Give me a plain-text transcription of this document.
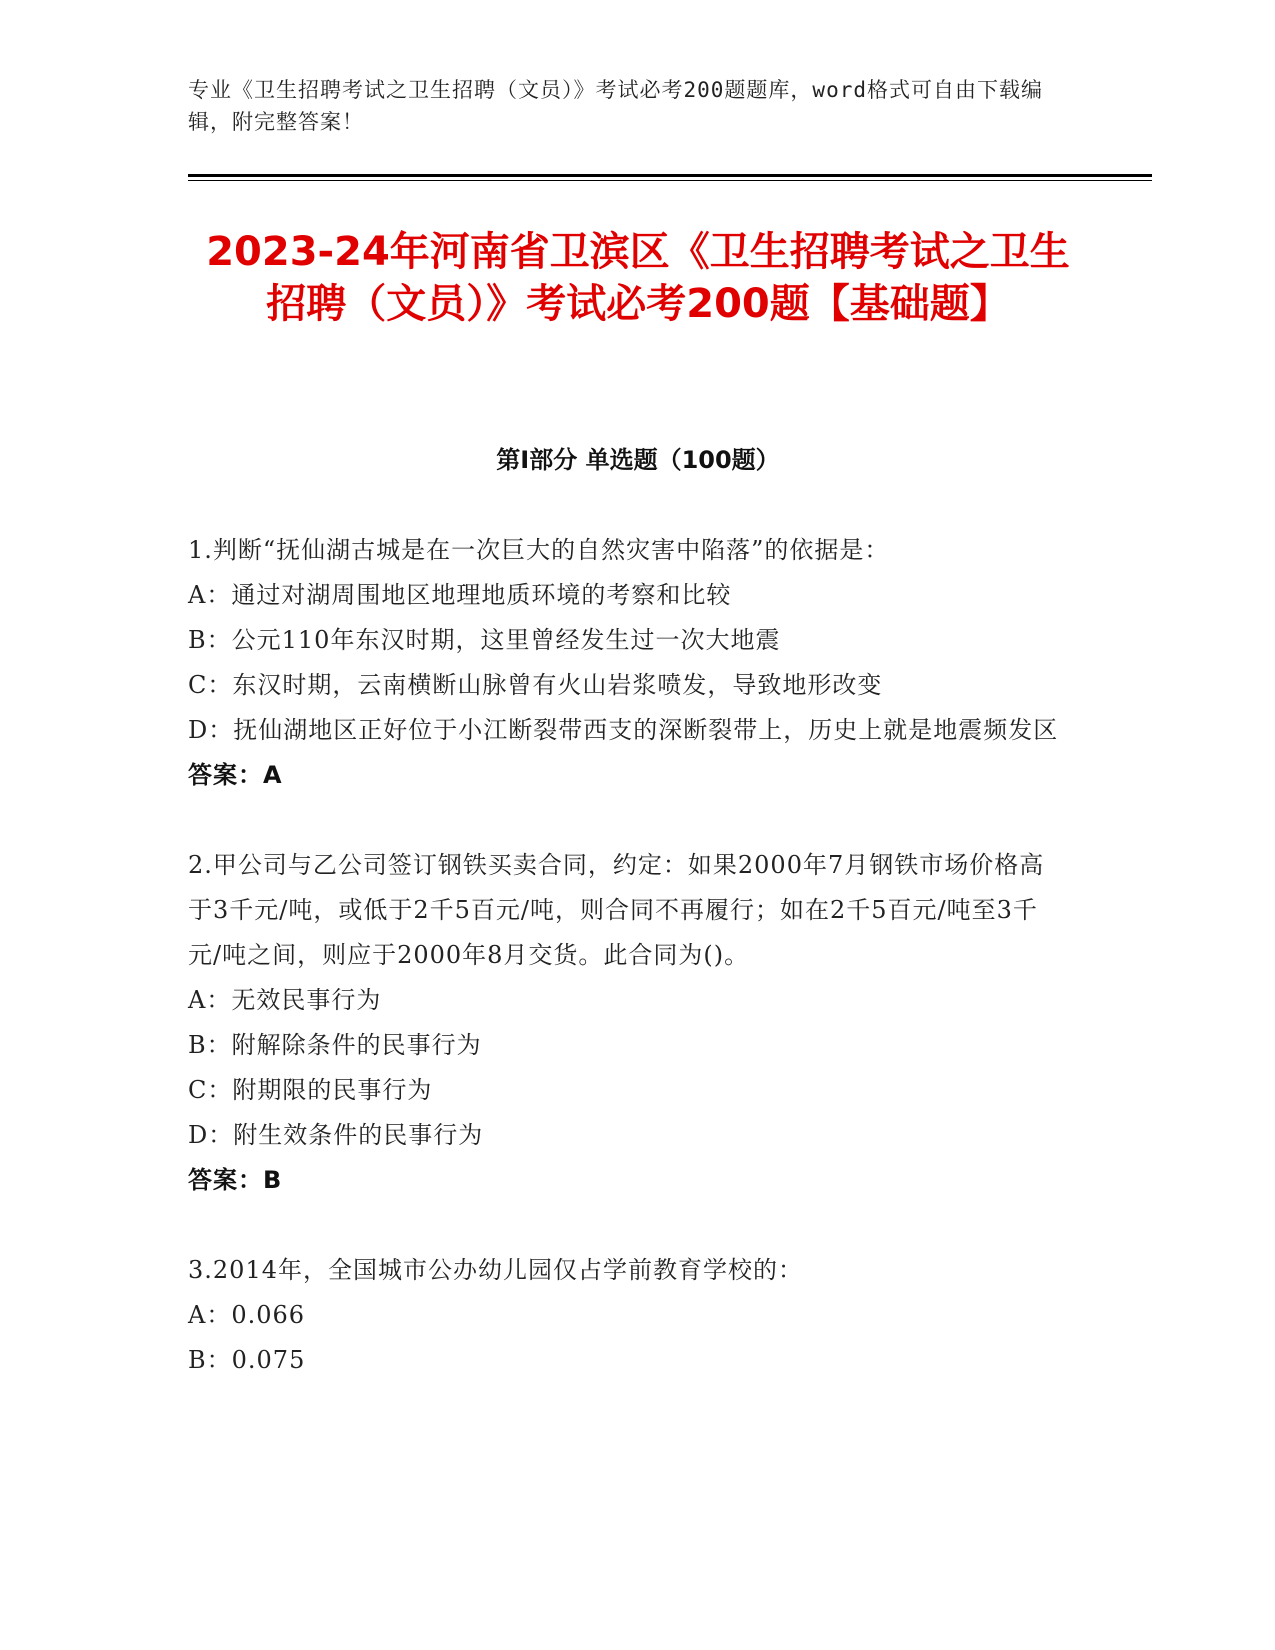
专业《卫生招聘考试之卫生招聘（文员）》考试必考200题题库，word格式可自由下载编辑，附完整答案！
2023-24年河南省卫滨区《卫生招聘考试之卫生招聘（文员）》考试必考200题【基础题】
第I部分 单选题（100题）

1.判断“抚仙湖古城是在一次巨大的自然灾害中陷落”的依据是：

A：通过对湖周围地区地理地质环境的考察和比较

B：公元110年东汉时期，这里曾经发生过一次大地震

C：东汉时期，云南横断山脉曾有火山岩浆喷发，导致地形改变

D：抚仙湖地区正好位于小江断裂带西支的深断裂带上，历史上就是地震频发区

答案：A

2.甲公司与乙公司签订钢铁买卖合同，约定：如果2000年7月钢铁市场价格高于3千元/吨，或低于2千5百元/吨，则合同不再履行；如在2千5百元/吨至3千元/吨之间，则应于2000年8月交货。此合同为()。

A：无效民事行为

B：附解除条件的民事行为

C：附期限的民事行为

D：附生效条件的民事行为

答案：B

3.2014年，全国城市公办幼儿园仅占学前教育学校的：

A：0.066

B：0.075
